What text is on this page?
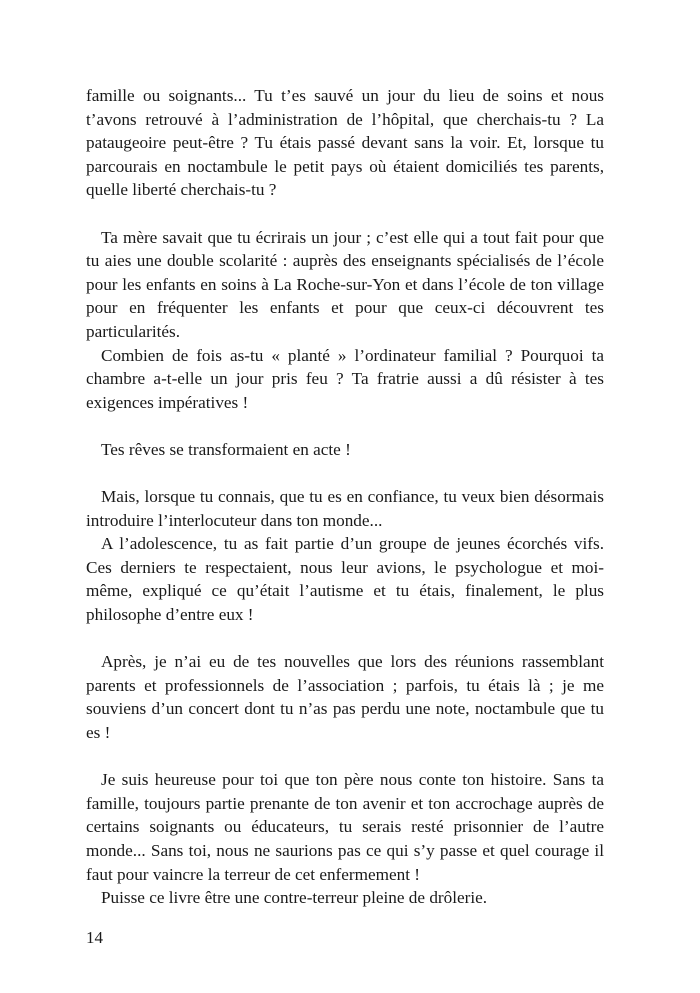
famille ou soignants... Tu t’es sauvé un jour du lieu de soins et nous t’avons retrouvé à l’administration de l’hôpital, que cherchais-tu ? La pataugeoire peut-être ? Tu étais passé devant sans la voir. Et, lorsque tu parcourais en noctambule le petit pays où étaient domiciliés tes parents, quelle liberté cherchais-tu ?

Ta mère savait que tu écrirais un jour ; c’est elle qui a tout fait pour que tu aies une double scolarité : auprès des enseignants spécialisés de l’école pour les enfants en soins à La Roche-sur-Yon et dans l’école de ton village pour en fréquenter les enfants et pour que ceux-ci découvrent tes particularités.

Combien de fois as-tu « planté » l’ordinateur familial ? Pourquoi ta chambre a-t-elle un jour pris feu ? Ta fratrie aussi a dû résister à tes exigences impératives !

Tes rêves se transformaient en acte !

Mais, lorsque tu connais, que tu es en confiance, tu veux bien désormais introduire l’interlocuteur dans ton monde...

A l’adolescence, tu as fait partie d’un groupe de jeunes écorchés vifs. Ces derniers te respectaient, nous leur avions, le psychologue et moi-même, expliqué ce qu’était l’autisme et tu étais, finalement, le plus philosophe d’entre eux !

Après, je n’ai eu de tes nouvelles que lors des réunions rassemblant parents et professionnels de l’association ; parfois, tu étais là ; je me souviens d’un concert dont tu n’as pas perdu une note, noctambule que tu es !

Je suis heureuse pour toi que ton père nous conte ton histoire. Sans ta famille, toujours partie prenante de ton avenir et ton accrochage auprès de certains soignants ou éducateurs, tu serais resté prisonnier de l’autre monde... Sans toi, nous ne saurions pas ce qui s’y passe et quel courage il faut pour vaincre la terreur de cet enfermement !

Puisse ce livre être une contre-terreur pleine de drôlerie.

14
